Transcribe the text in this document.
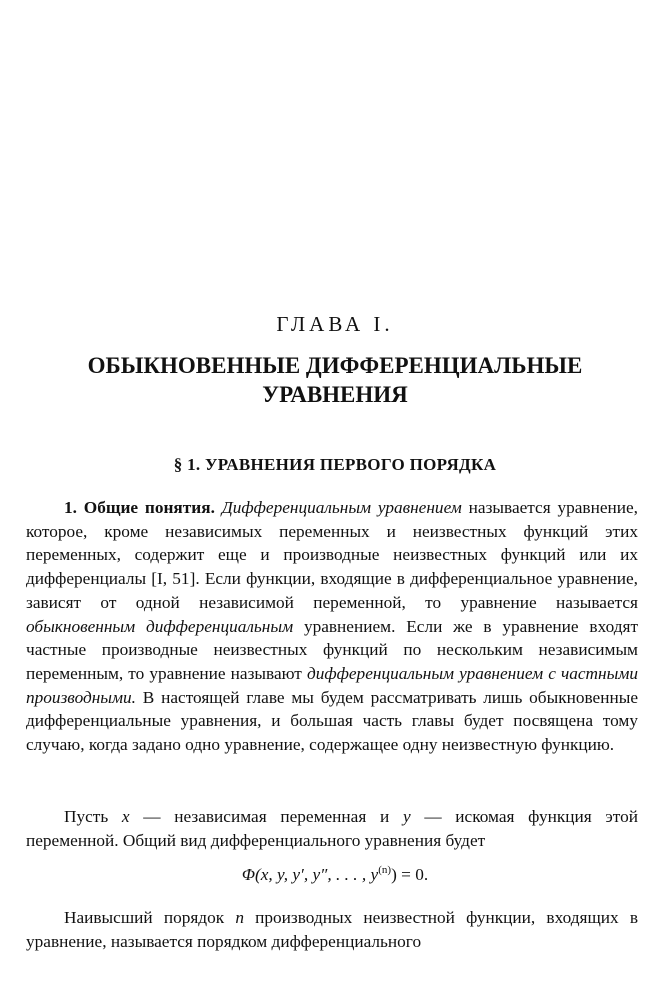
ГЛАВА I.
ОБЫКНОВЕННЫЕ ДИФФЕРЕНЦИАЛЬНЫЕ
УРАВНЕНИЯ
§ 1. УРАВНЕНИЯ ПЕРВОГО ПОРЯДКА

1. Общие понятия. Дифференциальным уравнением называется уравнение, которое, кроме независимых переменных и неизвестных функций этих переменных, содержит еще и производные неизвестных функций или их дифференциалы [I, 51]. Если функции, входящие в дифференциальное уравнение, зависят от одной независимой переменной, то уравнение называется обыкновенным дифференциальным уравнением. Если же в уравнение входят частные производные неизвестных функций по нескольким независимым переменным, то уравнение называют дифференциальным уравнением с частными производными. В настоящей главе мы будем рассматривать лишь обыкновенные дифференциальные уравнения, и большая часть главы будет посвящена тому случаю, когда задано одно уравнение, содержащее одну неизвестную функцию.

Пусть x — независимая переменная и y — искомая функция этой переменной. Общий вид дифференциального уравнения будет

Φ(x, y, y′, y″, . . . , $y^{(n)}) = 0$.

Наивысший порядок n производных неизвестной функции, входящих в уравнение, называется порядком дифференциального
